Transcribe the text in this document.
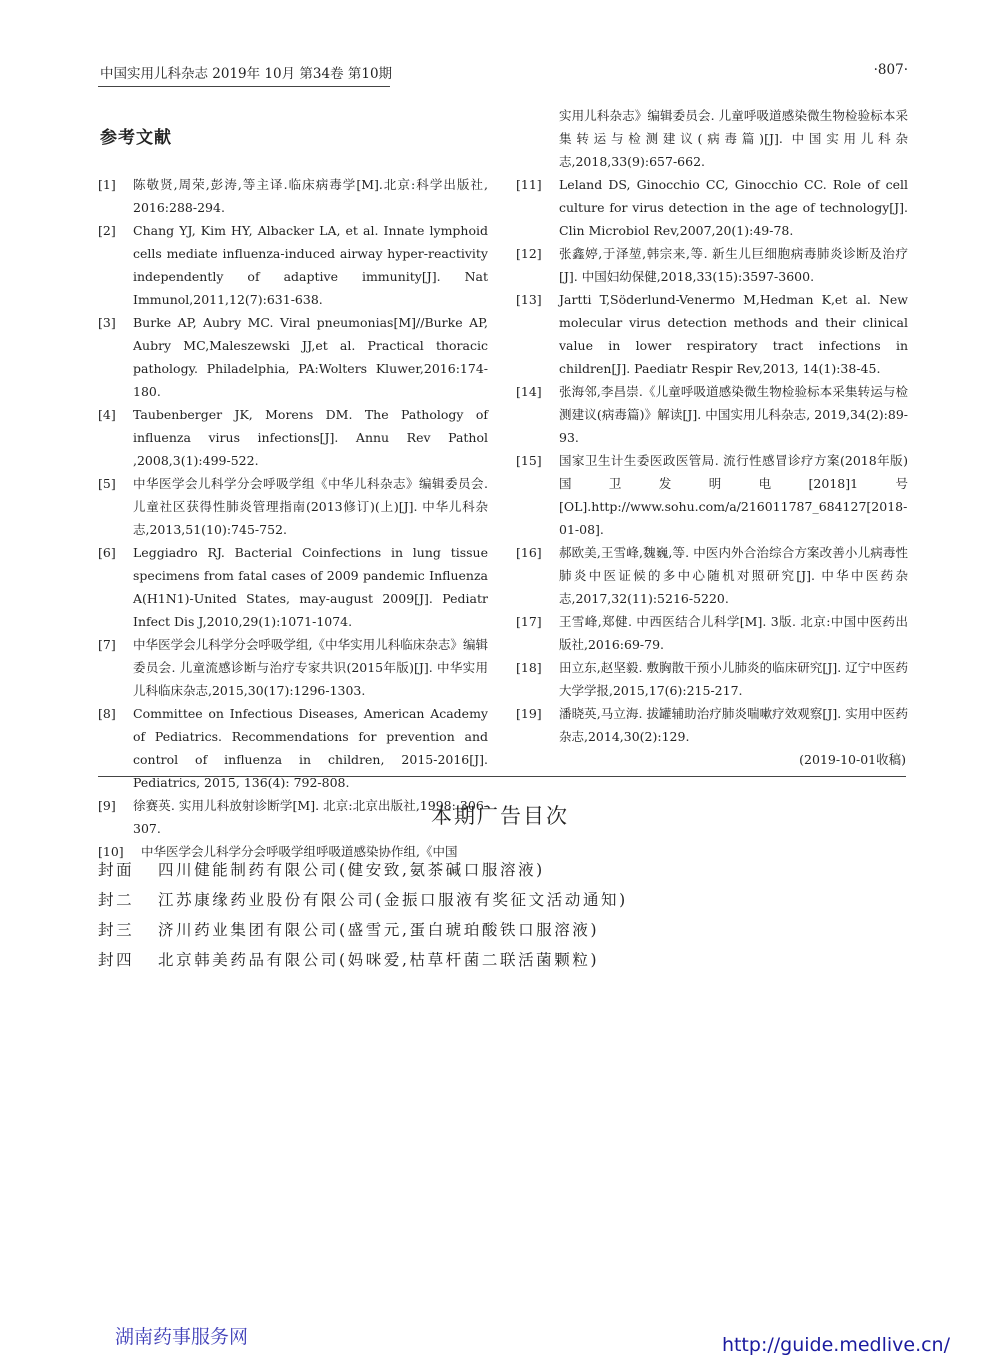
中国实用儿科杂志 2019年 10月 第34卷 第10期	·807·
参考文献
[1]	陈敬贤,周荣,彭涛,等主译.临床病毒学[M].北京:科学出版社, 2016:288-294.
[2]	Chang YJ, Kim HY, Albacker LA, et al. Innate lymphoid cells mediate influenza-induced airway hyper-reactivity independently of adaptive immunity[J]. Nat Immunol,2011,12(7):631-638.
[3]	Burke AP, Aubry MC. Viral pneumonias[M]//Burke AP, Aubry MC,Maleszewski JJ,et al. Practical thoracic pathology. Philadelphia, PA:Wolters Kluwer,2016:174-180.
[4]	Taubenberger JK, Morens DM. The Pathology of influenza virus infections[J]. Annu Rev Pathol ,2008,3(1):499-522.
[5]	中华医学会儿科学分会呼吸学组《中华儿科杂志》编辑委员会. 儿童社区获得性肺炎管理指南(2013修订)(上)[J]. 中华儿科杂志,2013,51(10):745-752.
[6]	Leggiadro RJ. Bacterial Coinfections in lung tissue specimens from fatal cases of 2009 pandemic Influenza A(H1N1)-United States, may-august 2009[J]. Pediatr Infect Dis J,2010,29(1):1071-1074.
[7]	中华医学会儿科学分会呼吸学组,《中华实用儿科临床杂志》编辑委员会. 儿童流感诊断与治疗专家共识(2015年版)[J]. 中华实用儿科临床杂志,2015,30(17):1296-1303.
[8]	Committee on Infectious Diseases, American Academy of Pediatrics. Recommendations for prevention and control of influenza in children, 2015-2016[J]. Pediatrics, 2015, 136(4): 792-808.
[9]	徐赛英. 实用儿科放射诊断学[M]. 北京:北京出版社,1998: 306-307.
[10]	中华医学会儿科学分会呼吸学组呼吸道感染协作组,《中国
实用儿科杂志》编辑委员会. 儿童呼吸道感染微生物检验标本采集转运与检测建议(病毒篇)[J]. 中国实用儿科杂志,2018,33(9):657-662.
[11]	Leland DS, Ginocchio CC, Ginocchio CC. Role of cell culture for virus detection in the age of technology[J]. Clin Microbiol Rev,2007,20(1):49-78.
[12]	张鑫婷,于泽堃,韩宗来,等. 新生儿巨细胞病毒肺炎诊断及治疗[J]. 中国妇幼保健,2018,33(15):3597-3600.
[13]	Jartti T,Söderlund-Venermo M,Hedman K,et al. New molecular virus detection methods and their clinical value in lower respiratory tract infections in children[J]. Paediatr Respir Rev,2013, 14(1):38-45.
[14]	张海邻,李昌崇.《儿童呼吸道感染微生物检验标本采集转运与检测建议(病毒篇)》解读[J]. 中国实用儿科杂志, 2019,34(2):89-93.
[15]	国家卫生计生委医政医管局. 流行性感冒诊疗方案(2018年版)国卫发明电[2018]1号[OL].http://www.sohu.com/a/216011787_684127[2018-01-08].
[16]	郝欧美,王雪峰,魏巍,等. 中医内外合治综合方案改善小儿病毒性肺炎中医证候的多中心随机对照研究[J]. 中华中医药杂志,2017,32(11):5216-5220.
[17]	王雪峰,郑健. 中西医结合儿科学[M]. 3版. 北京:中国中医药出版社,2016:69-79.
[18]	田立东,赵坚毅. 敷胸散干预小儿肺炎的临床研究[J]. 辽宁中医药大学学报,2015,17(6):215-217.
[19]	潘晓英,马立海. 拔罐辅助治疗肺炎喘嗽疗效观察[J]. 实用中医药杂志,2014,30(2):129.
(2019-10-01收稿)
本期广告目次
封面	四川健能制药有限公司(健安致,氨茶碱口服溶液)
封二	江苏康缘药业股份有限公司(金振口服液有奖征文活动通知)
封三	济川药业集团有限公司(盛雪元,蛋白琥珀酸铁口服溶液)
封四	北京韩美药品有限公司(妈咪爱,枯草杆菌二联活菌颗粒)
湖南药事服务网	http://guide.medlive.cn/
